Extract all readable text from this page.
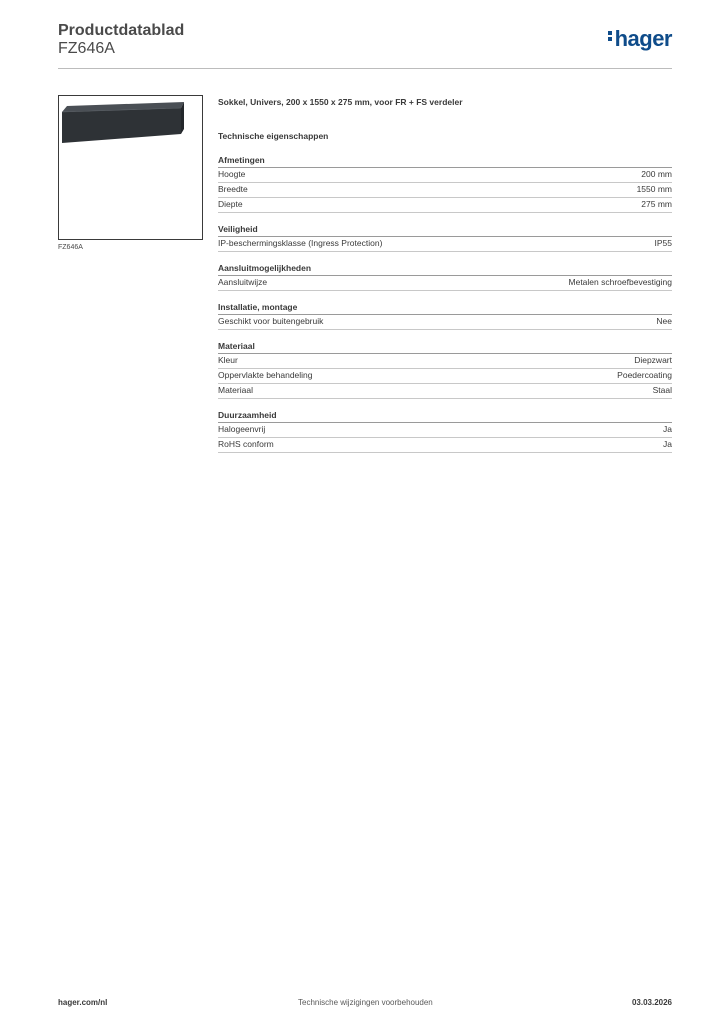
Productdatablad
FZ646A	hager
FZ646A
Sokkel, Univers, 200 x 1550 x 275 mm, voor FR + FS verdeler
Technische eigenschappen
Afmetingen
Hoogte	200 mm
Breedte	1550 mm
Diepte	275 mm
Veiligheid
IP-beschermingsklasse (Ingress Protection)	IP55
Aansluitmogelijkheden
Aansluitwijze	Metalen schroefbevestiging
Installatie, montage
Geschikt voor buitengebruik	Nee
Materiaal
Kleur	Diepzwart
Oppervlakte behandeling	Poedercoating
Materiaal	Staal
Duurzaamheid
Halogeenvrij	Ja
RoHS conform	Ja
hager.com/nl	Technische wijzigingen voorbehouden	03.03.2026
